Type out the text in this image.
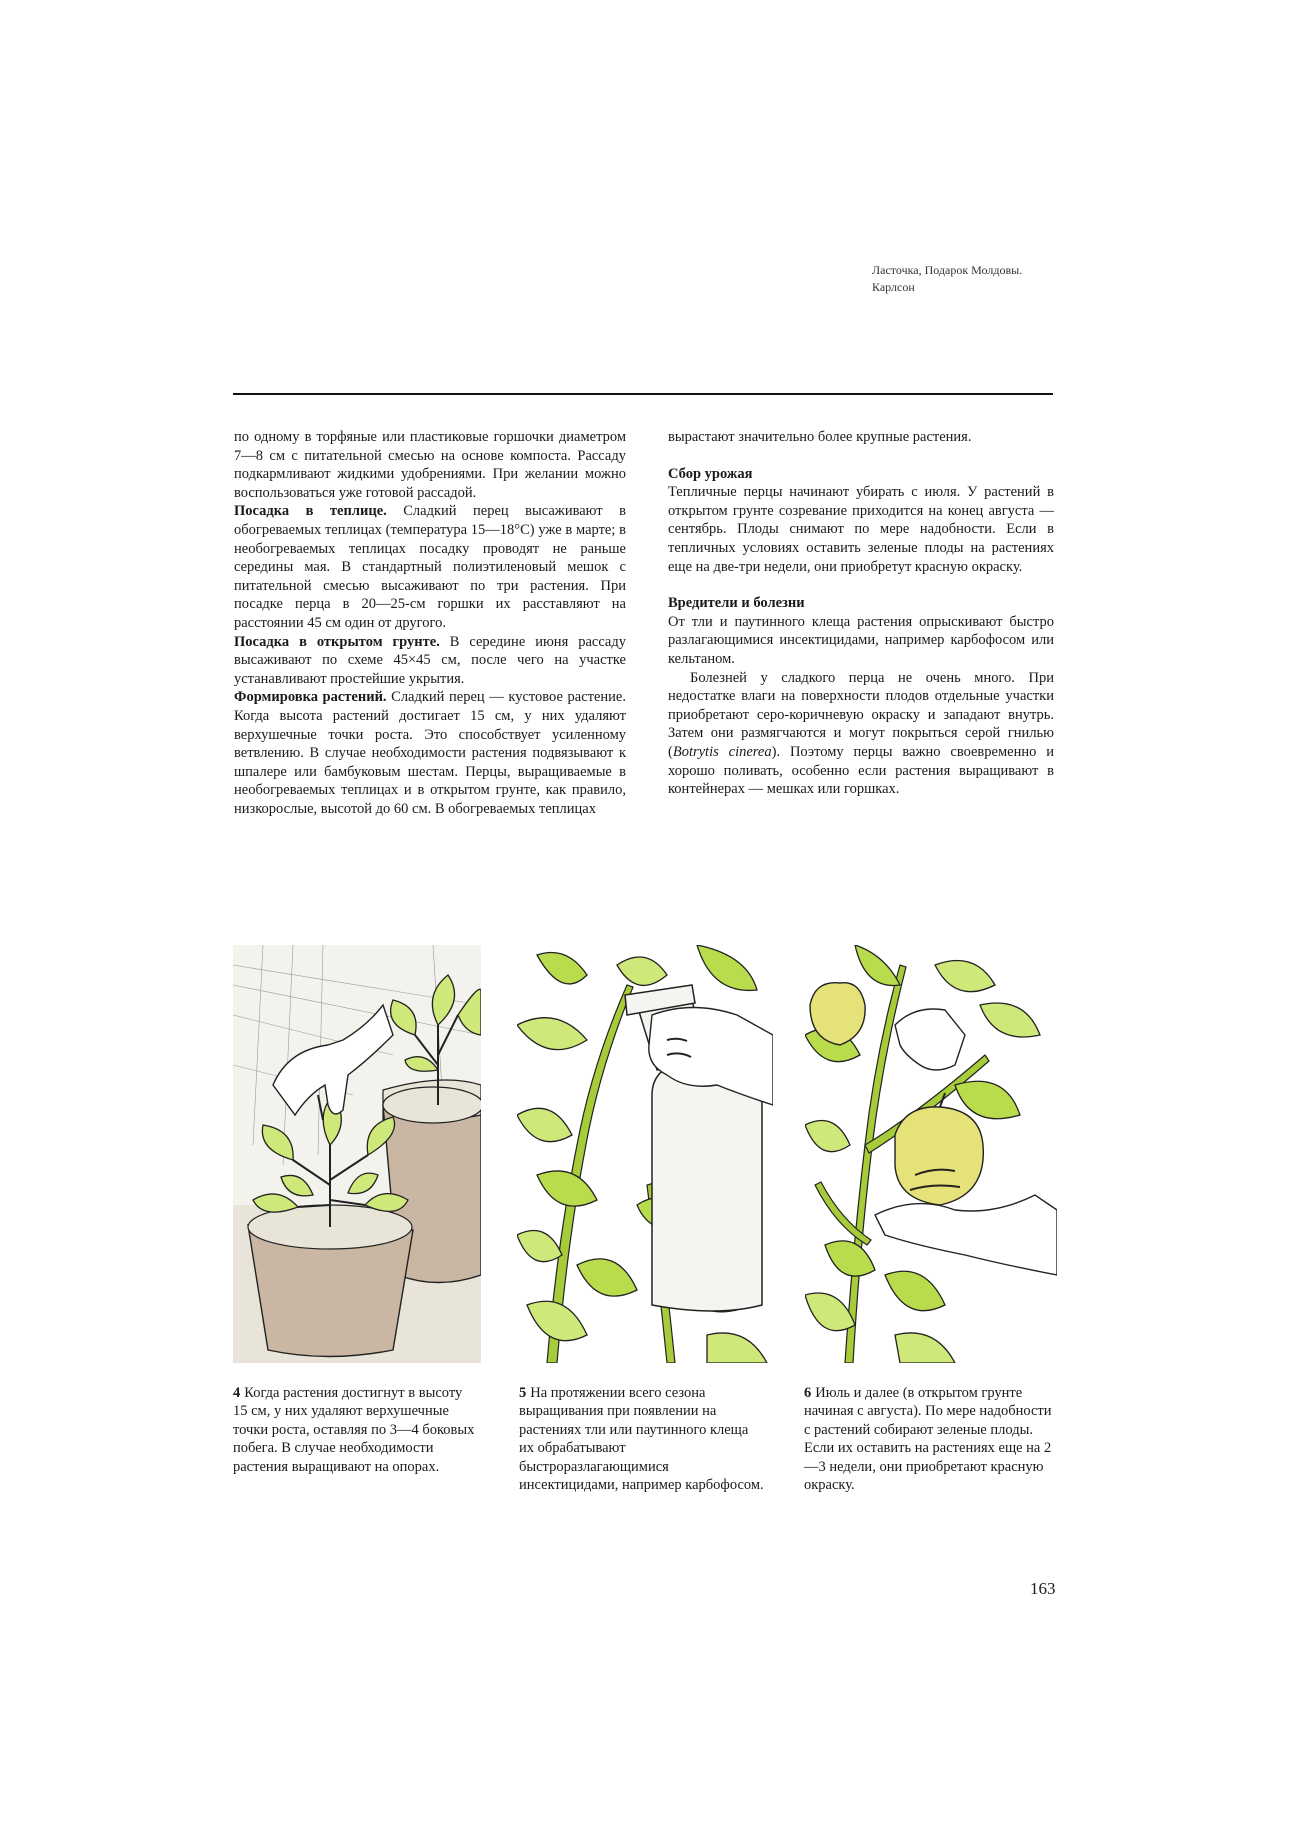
Ласточка, Подарок Молдовы.
Карлсон

по одному в торфяные или пластиковые горшочки диаметром 7—8 см с питательной смесью на основе компоста. Рассаду подкармливают жидкими удобрениями. При желании можно воспользоваться уже готовой рассадой.

Посадка в теплице. Сладкий перец высаживают в обогреваемых теплицах (температура 15—18°С) уже в марте; в необогреваемых теплицах посадку проводят не раньше середины мая. В стандартный полиэтиленовый мешок с питательной смесью высаживают по три растения. При посадке перца в 20—25-см горшки их расставляют на расстоянии 45 см один от другого.

Посадка в открытом грунте. В середине июня рассаду высаживают по схеме 45×45 см, после чего на участке устанавливают простейшие укрытия.

Формировка растений. Сладкий перец — кустовое растение. Когда высота растений достигает 15 см, у них удаляют верхушечные точки роста. Это способствует усиленному ветвлению. В случае необходимости растения подвязывают к шпалере или бамбуковым шестам. Перцы, выращиваемые в необогреваемых теплицах и в открытом грунте, как правило, низкорослые, высотой до 60 см. В обогреваемых теплицах

вырастают значительно более крупные растения.

Сбор урожая

Тепличные перцы начинают убирать с июля. У растений в открытом грунте созревание приходится на конец августа — сентябрь. Плоды снимают по мере надобности. Если в тепличных условиях оставить зеленые плоды на растениях еще на две-три недели, они приобретут красную окраску.

Вредители и болезни

От тли и паутинного клеща растения опрыскивают быстро разлагающимися инсектицидами, например карбофосом или кельтаном.

Болезней у сладкого перца не очень много. При недостатке влаги на поверхности плодов отдельные участки приобретают серо-коричневую окраску и западают внутрь. Затем они размягчаются и могут покрыться серой гнилью (Botrytis cinerea). Поэтому перцы важно своевременно и хорошо поливать, особенно если растения выращивают в контейнерах — мешках или горшках.

4 Когда растения достигнут в высоту 15 см, у них удаляют верхушечные точки роста, оставляя по 3—4 боковых побега. В случае необходимости растения выращивают на опорах.
5 На протяжении всего сезона выращивания при появлении на растениях тли или паутинного клеща их обрабатывают быстроразлагающимися инсектицидами, например карбофосом.
6 Июль и далее (в открытом грунте начиная с августа). По мере надобности с растений собирают зеленые плоды. Если их оставить на растениях еще на 2—3 недели, они приобретают красную окраску.
163
